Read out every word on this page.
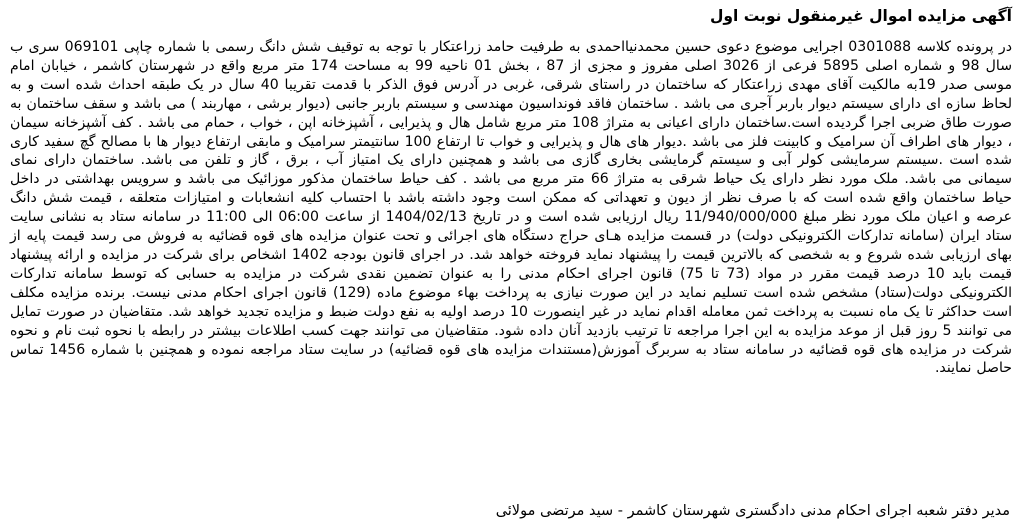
آگهی مزایده اموال غیرمنقول نوبت اول

در پرونده کلاسه 0301088 اجرایی موضوع دعوی حسین محمدنیااحمدی به طرفیت حامد زراعتکار با توجه به توقیف شش دانگ رسمی با شماره چاپی 069101 سری ب سال 98 و شماره اصلی 5895 فرعی از 3026 اصلی مفروز و مجزی از 87 ، بخش 01 ناحیه 99 به مساحت 174 متر مربع واقع در شهرستان کاشمر ، خیابان امام موسی صدر 19به مالکیت آقای مهدی زراعتکار که ساختمان در راستای شرقی، غربی در آدرس فوق الذکر با قدمت تقریبا 40 سال در یک طبقه احداث شده است و به لحاظ سازه ای دارای سیستم دیوار باربر آجری می باشد . ساختمان فاقد فونداسیون مهندسی و سیستم باربر جانبی (دیوار برشی ، مهاربند ) می باشد و سقف ساختمان به صورت طاق ضربی اجرا گردیده است.ساختمان دارای اعیانی به متراژ 108 متر مربع شامل هال و پذیرایی ، آشپزخانه اپن ، خواب ، حمام می باشد . کف آشپزخانه سیمان ، دیوار های اطراف آن سرامیک و کابینت فلز می باشد .دیوار های هال و پذیرایی و خواب تا ارتفاع 100 سانتیمتر سرامیک و مابقی ارتفاع دیوار ها با مصالح گچ سفید کاری شده است .سیستم سرمایشی کولر آبی و سیستم گرمایشی بخاری گازی می باشد و همچنین دارای یک امتیاز آب ، برق ، گاز و تلفن می باشد. ساختمان دارای نمای سیمانی می باشد. ملک مورد نظر دارای یک حیاط شرقی به متراژ 66 متر مربع می باشد . کف حیاط ساختمان مذکور موزائیک می باشد و سرویس بهداشتی در داخل حیاط ساختمان واقع شده است که با صرف نظر از دیون و تعهداتی که ممکن است وجود داشته باشد با احتساب کلیه انشعابات و امتیازات متعلقه ، قیمت شش دانگ عرصه و اعیان ملک مورد نظر مبلغ 11/940/000/000 ریال ارزیابی شده است و در تاریخ 1404/02/13 از ساعت 06:00 الی 11:00 در سامانه ستاد به نشانی سایت ستاد ایران (سامانه تدارکات الکترونیکی دولت) در قسمت مزایده هـای حراج دستگاه های اجرائی و تحت عنوان مزایده های قوه قضائیه به فروش می رسد قیمت پایه از بهای ارزیابی شده شروع و به شخصی که بالاترین قیمت را پیشنهاد نماید فروخته خواهد شد. در اجرای قانون بودجه 1402 اشخاص برای شرکت در مزایده و ارائه پیشنهاد قیمت باید 10 درصد قیمت مقرر در مواد (73 تا 75) قانون اجرای احکام مدنی را به عنوان تضمین نقدی شرکت در مزایده به حسابی که توسط سامانه تدارکات الکترونیکی دولت(ستاد) مشخص شده است تسلیم نماید در این صورت نیازی به پرداخت بهاء موضوع ماده (129) قانون اجرای احکام مدنی نیست. برنده مزایده مکلف است حداکثر تا یک ماه نسبت به پرداخت ثمن معامله اقدام نماید در غیر اینصورت 10 درصد اولیه به نفع دولت ضبط و مزایده تجدید خواهد شد. متقاضیان در صورت تمایل می توانند 5 روز قبل از موعد مزایده به این اجرا مراجعه تا ترتیب بازدید آنان داده شود. متقاضیان می توانند جهت کسب اطلاعات بیشتر در رابطه با نحوه ثبت نام و نحوه شرکت در مزایده های قوه قضائیه در سامانه ستاد به سربرگ آموزش(مستندات مزایده های قوه قضائیه) در سایت ستاد مراجعه نموده و همچنین با شماره 1456 تماس حاصل نمایند.

مدیر دفتر شعبه اجرای احکام مدنی دادگستری شهرستان کاشمر - سید مرتضی مولائی
